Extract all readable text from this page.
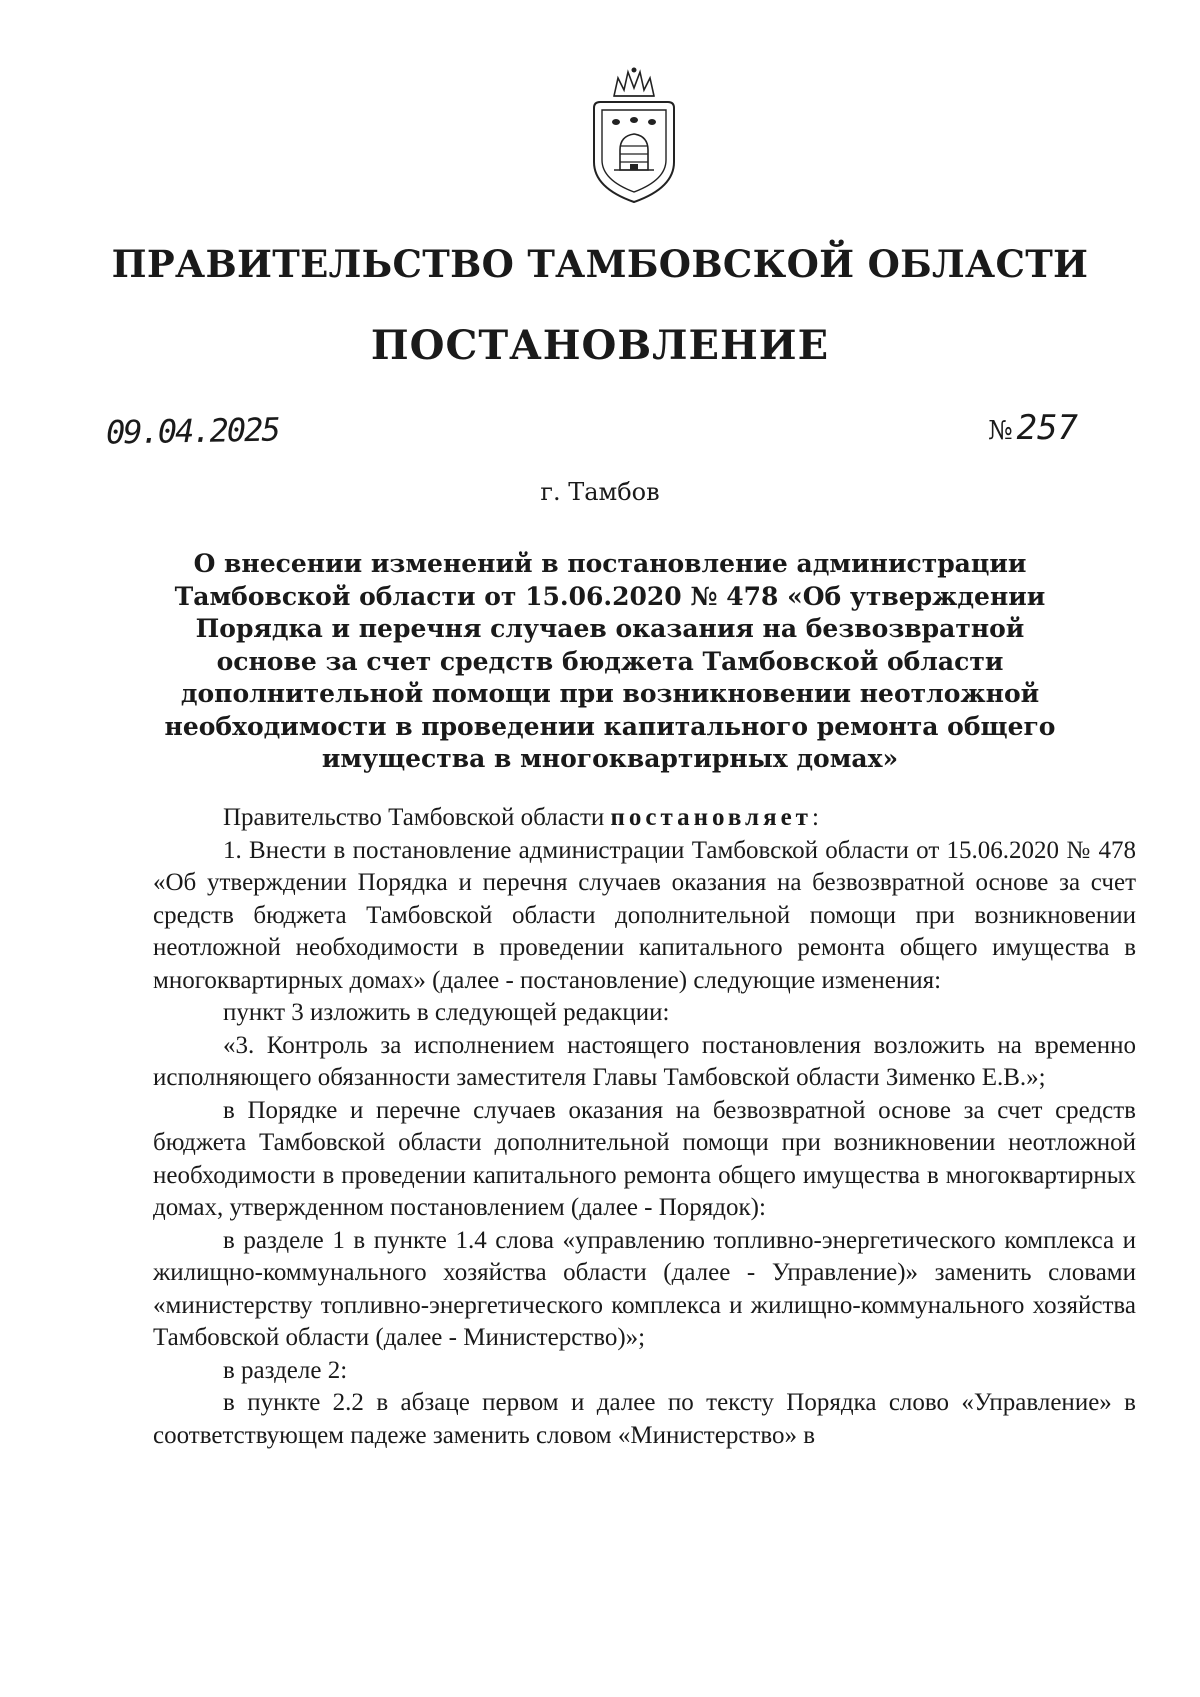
ПРАВИТЕЛЬСТВО ТАМБОВСКОЙ ОБЛАСТИ
ПОСТАНОВЛЕНИЕ
09.04.2025	№ 257
г. Тамбов
О внесении изменений в постановление администрации Тамбовской области от 15.06.2020 № 478 «Об утверждении Порядка и перечня случаев оказания на безвозвратной основе за счет средств бюджета Тамбовской области дополнительной помощи при возникновении неотложной необходимости в проведении капитального ремонта общего имущества в многоквартирных домах»

Правительство Тамбовской области постановляет:

1. Внести в постановление администрации Тамбовской области от 15.06.2020 № 478 «Об утверждении Порядка и перечня случаев оказания на безвозвратной основе за счет средств бюджета Тамбовской области дополнительной помощи при возникновении неотложной необходимости в проведении капитального ремонта общего имущества в многоквартирных домах» (далее - постановление) следующие изменения:

пункт 3 изложить в следующей редакции:

«3. Контроль за исполнением настоящего постановления возложить на временно исполняющего обязанности заместителя Главы Тамбовской области Зименко Е.В.»;

в Порядке и перечне случаев оказания на безвозвратной основе за счет средств бюджета Тамбовской области дополнительной помощи при возникновении неотложной необходимости в проведении капитального ремонта общего имущества в многоквартирных домах, утвержденном постановлением (далее - Порядок):

в разделе 1 в пункте 1.4 слова «управлению топливно-энергетического комплекса и жилищно-коммунального хозяйства области (далее - Управление)» заменить словами «министерству топливно-энергетического комплекса и жилищно-коммунального хозяйства Тамбовской области (далее - Министерство)»;

в разделе 2:

в пункте 2.2 в абзаце первом и далее по тексту Порядка слово «Управление» в соответствующем падеже заменить словом «Министерство» в
